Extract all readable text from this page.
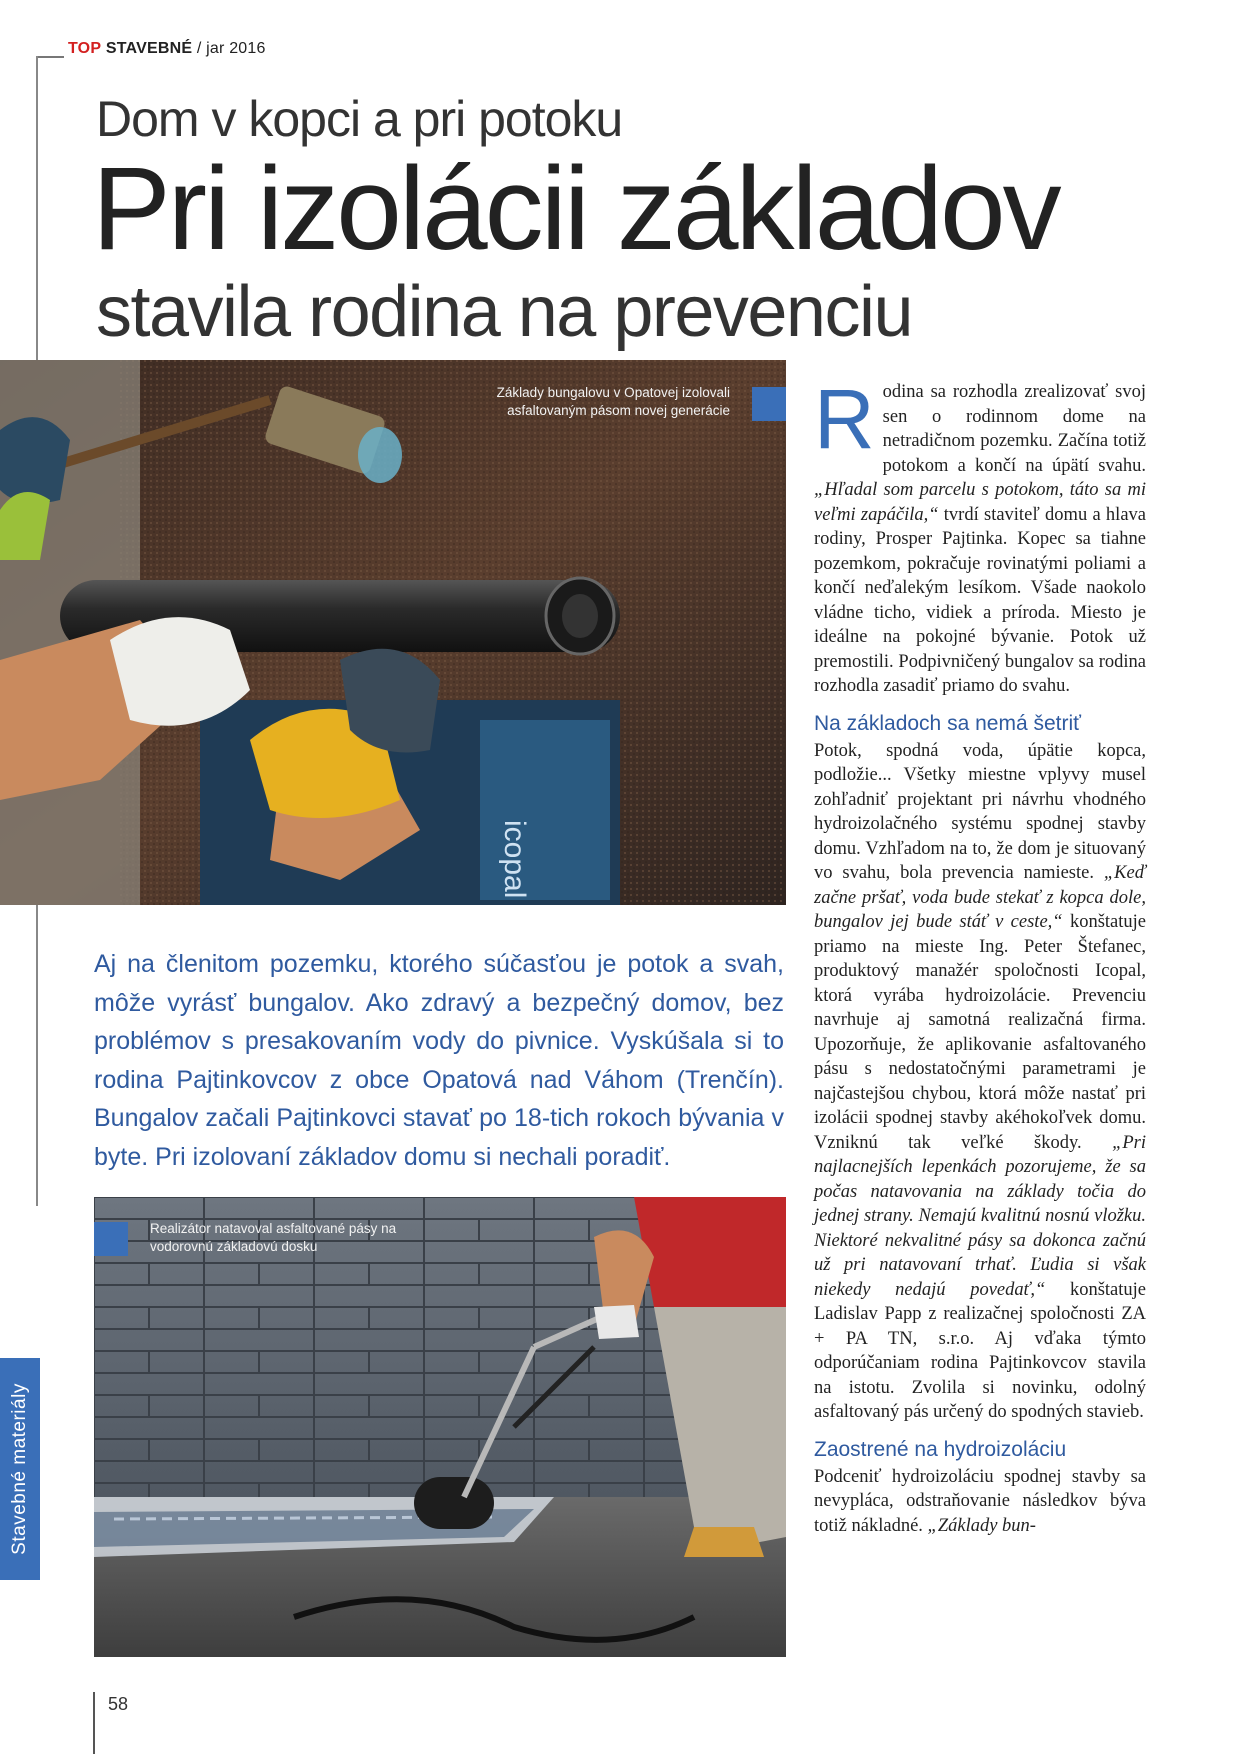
TOP STAVEBNÉ / jar 2016
Dom v kopci a pri potoku
Pri izolácii základov
stavila rodina na prevenciu
icopal
Základy bungalovu v Opatovej izolovali asfaltovaným pásom novej generácie
Aj na členitom pozemku, ktorého súčasťou je potok a svah, môže vyrásť bungalov. Ako zdravý a bezpečný domov, bez problémov s presakovaním vody do pivnice. Vyskúšala si to rodina Pajtinkovcov z obce Opatová nad Váhom (Trenčín). Bungalov začali Pajtinkovci stavať po 18-tich rokoch bývania v byte. Pri izolovaní základov domu si nechali poradiť.
Realizátor natavoval asfaltované pásy na vodorovnú základovú dosku
Stavebné materiály
58

Rodina sa rozhodla zrealizovať svoj sen o rodinnom dome na netradičnom pozemku. Začína totiž potokom a končí na úpätí svahu. „Hľadal som parcelu s potokom, táto sa mi veľmi zapáčila,“ tvrdí staviteľ domu a hlava rodiny, Prosper Pajtinka. Kopec sa tiahne pozemkom, pokračuje rovinatými poliami a končí neďalekým lesíkom. Všade naokolo vládne ticho, vidiek a príroda. Miesto je ideálne na pokojné bývanie. Potok už premostili. Podpivničený bungalov sa rodina rozhodla zasadiť priamo do svahu.

Na základoch sa nemá šetriť

Potok, spodná voda, úpätie kopca, podložie... Všetky miestne vplyvy musel zohľadniť projektant pri návrhu vhodného hydroizolačného systému spodnej stavby domu. Vzhľadom na to, že dom je situovaný vo svahu, bola prevencia namieste. „Keď začne pršať, voda bude stekať z kopca dole, bungalov jej bude stáť v ceste,“ konštatuje priamo na mieste Ing. Peter Štefanec, produktový manažér spoločnosti Icopal, ktorá vyrába hydroizolácie. Prevenciu navrhuje aj samotná realizačná firma. Upozorňuje, že aplikovanie asfaltovaného pásu s nedostatočnými parametrami je najčastejšou chybou, ktorá môže nastať pri izolácii spodnej stavby akéhokoľvek domu. Vzniknú tak veľké škody. „Pri najlacnejších lepenkách pozorujeme, že sa počas natavovania na základy točia do jednej strany. Nemajú kvalitnú nosnú vložku. Niektoré nekvalitné pásy sa dokonca začnú už pri natavovaní trhať. Ľudia si však niekedy nedajú povedať,“ konštatuje Ladislav Papp z realizačnej spoločnosti ZA + PA TN, s.r.o. Aj vďaka týmto odporúčaniam rodina Pajtinkovcov stavila na istotu. Zvolila si novinku, odolný asfaltovaný pás určený do spodných stavieb.

Zaostrené na hydroizoláciu

Podceniť hydroizoláciu spodnej stavby sa nevypláca, odstraňovanie následkov býva totiž nákladné. „Základy bun-
